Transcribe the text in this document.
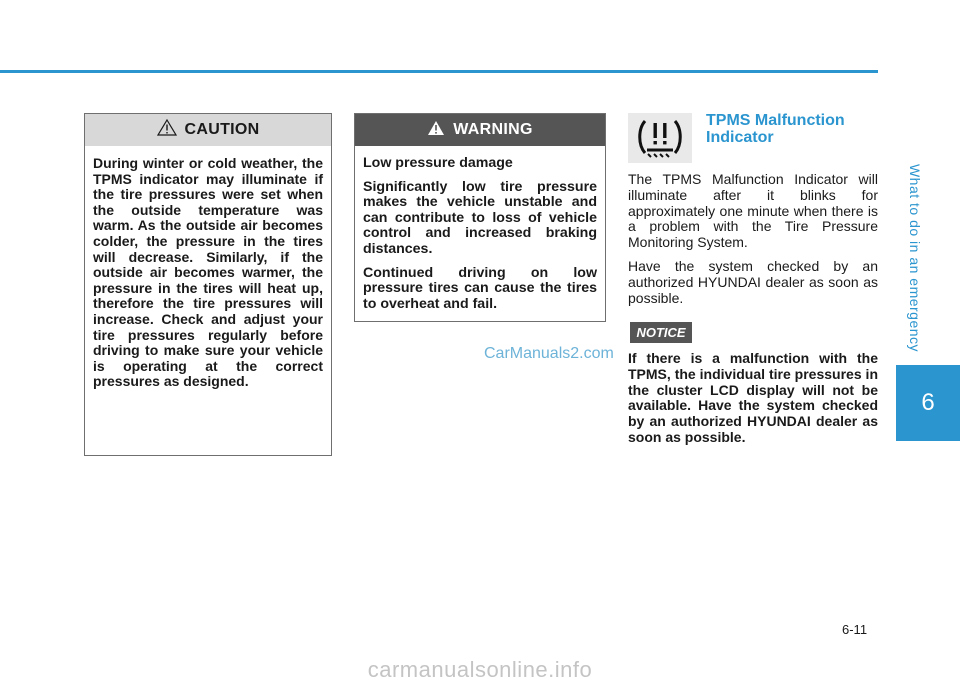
What to do in an emergency
6
CAUTION

During winter or cold weather, the TPMS indicator may illuminate if the tire pressures were set when the outside temperature was warm. As the outside air becomes colder, the pressure in the tires will decrease. Similarly, if the outside air becomes warmer, the pressure in the tires will heat up, therefore the tire pressures will increase. Check and adjust your tire pressures regularly before driving to make sure your vehicle is operating at the correct pressures as designed.

WARNING

Low pressure damage

Significantly low tire pressure makes the vehicle unstable and can contribute to loss of vehicle control and increased braking distances.

Continued driving on low pressure tires can cause the tires to overheat and fail.

TPMS Malfunction Indicator

The TPMS Malfunction Indicator will illuminate after it blinks for approximately one minute when there is a problem with the Tire Pressure Monitoring System.

Have the system checked by an authorized HYUNDAI dealer as soon as possible.

NOTICE
If there is a malfunction with the TPMS, the individual tire pressures in the cluster LCD display will not be available. Have the system checked by an authorized HYUNDAI dealer as soon as possible.
CarManuals2.com
6-11
carmanualsonline.info
